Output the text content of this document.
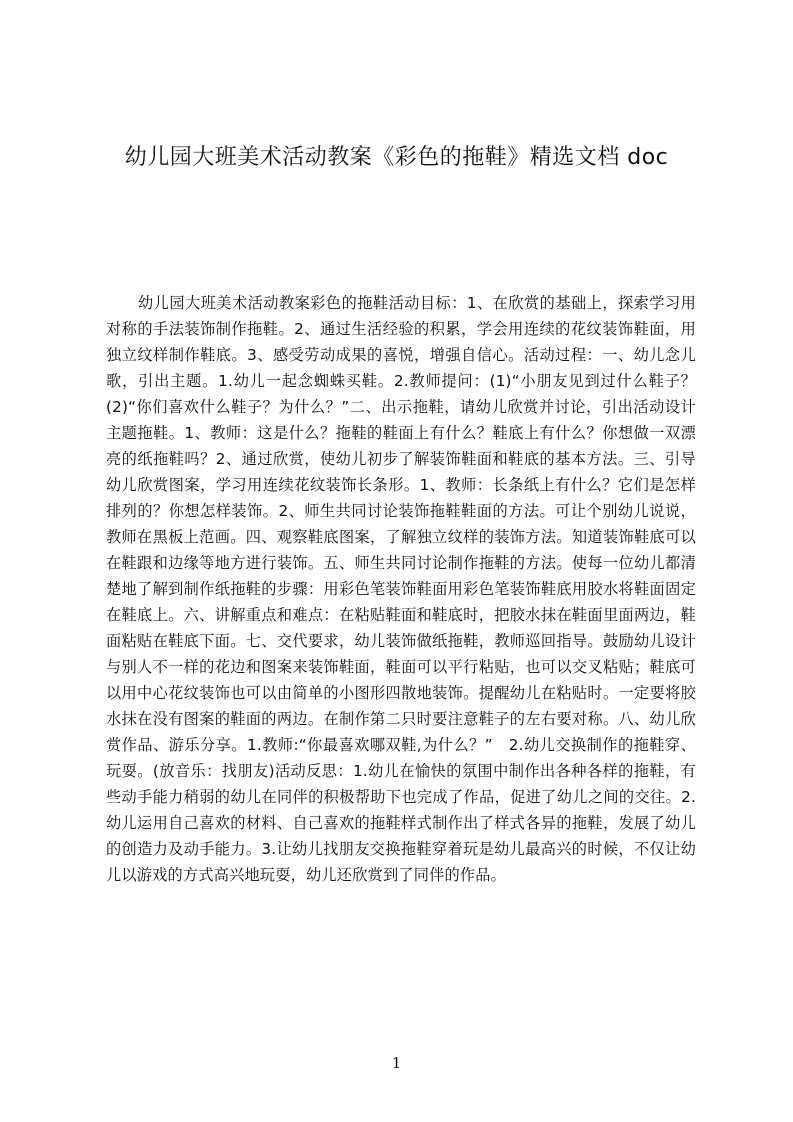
幼儿园大班美术活动教案《彩色的拖鞋》精选文档 doc

幼儿园大班美术活动教案彩色的拖鞋活动目标：1、在欣赏的基础上，探索学习用对称的手法装饰制作拖鞋。2、通过生活经验的积累，学会用连续的花纹装饰鞋面，用独立纹样制作鞋底。3、感受劳动成果的喜悦，增强自信心。活动过程：一、幼儿念儿歌，引出主题。1.幼儿一起念蜘蛛买鞋。2.教师提问：(1)“小朋友见到过什么鞋子？(2)“你们喜欢什么鞋子？为什么？”二、出示拖鞋，请幼儿欣赏并讨论，引出活动设计主题拖鞋。1、教师：这是什么？拖鞋的鞋面上有什么？鞋底上有什么？你想做一双漂亮的纸拖鞋吗？2、通过欣赏，使幼儿初步了解装饰鞋面和鞋底的基本方法。三、引导幼儿欣赏图案，学习用连续花纹装饰长条形。1、教师：长条纸上有什么？它们是怎样排列的？你想怎样装饰。2、师生共同讨论装饰拖鞋鞋面的方法。可让个别幼儿说说，教师在黑板上范画。四、观察鞋底图案，了解独立纹样的装饰方法。知道装饰鞋底可以在鞋跟和边缘等地方进行装饰。五、师生共同讨论制作拖鞋的方法。使每一位幼儿都清楚地了解到制作纸拖鞋的步骤：用彩色笔装饰鞋面用彩色笔装饰鞋底用胶水将鞋面固定在鞋底上。六、讲解重点和难点：在粘贴鞋面和鞋底时，把胶水抹在鞋面里面两边，鞋面粘贴在鞋底下面。七、交代要求，幼儿装饰做纸拖鞋，教师巡回指导。鼓励幼儿设计与别人不一样的花边和图案来装饰鞋面，鞋面可以平行粘贴，也可以交叉粘贴；鞋底可以用中心花纹装饰也可以由简单的小图形四散地装饰。提醒幼儿在粘贴时。一定要将胶水抹在没有图案的鞋面的两边。在制作第二只时要注意鞋子的左右要对称。八、幼儿欣赏作品、游乐分享。1.教师:“你最喜欢哪双鞋,为什么？”　2.幼儿交换制作的拖鞋穿、玩耍。(放音乐：找朋友)活动反思：1.幼儿在愉快的氛围中制作出各种各样的拖鞋，有些动手能力稍弱的幼儿在同伴的积极帮助下也完成了作品，促进了幼儿之间的交往。2.幼儿运用自己喜欢的材料、自己喜欢的拖鞋样式制作出了样式各异的拖鞋，发展了幼儿的创造力及动手能力。3.让幼儿找朋友交换拖鞋穿着玩是幼儿最高兴的时候，不仅让幼儿以游戏的方式高兴地玩耍，幼儿还欣赏到了同伴的作品。

1
